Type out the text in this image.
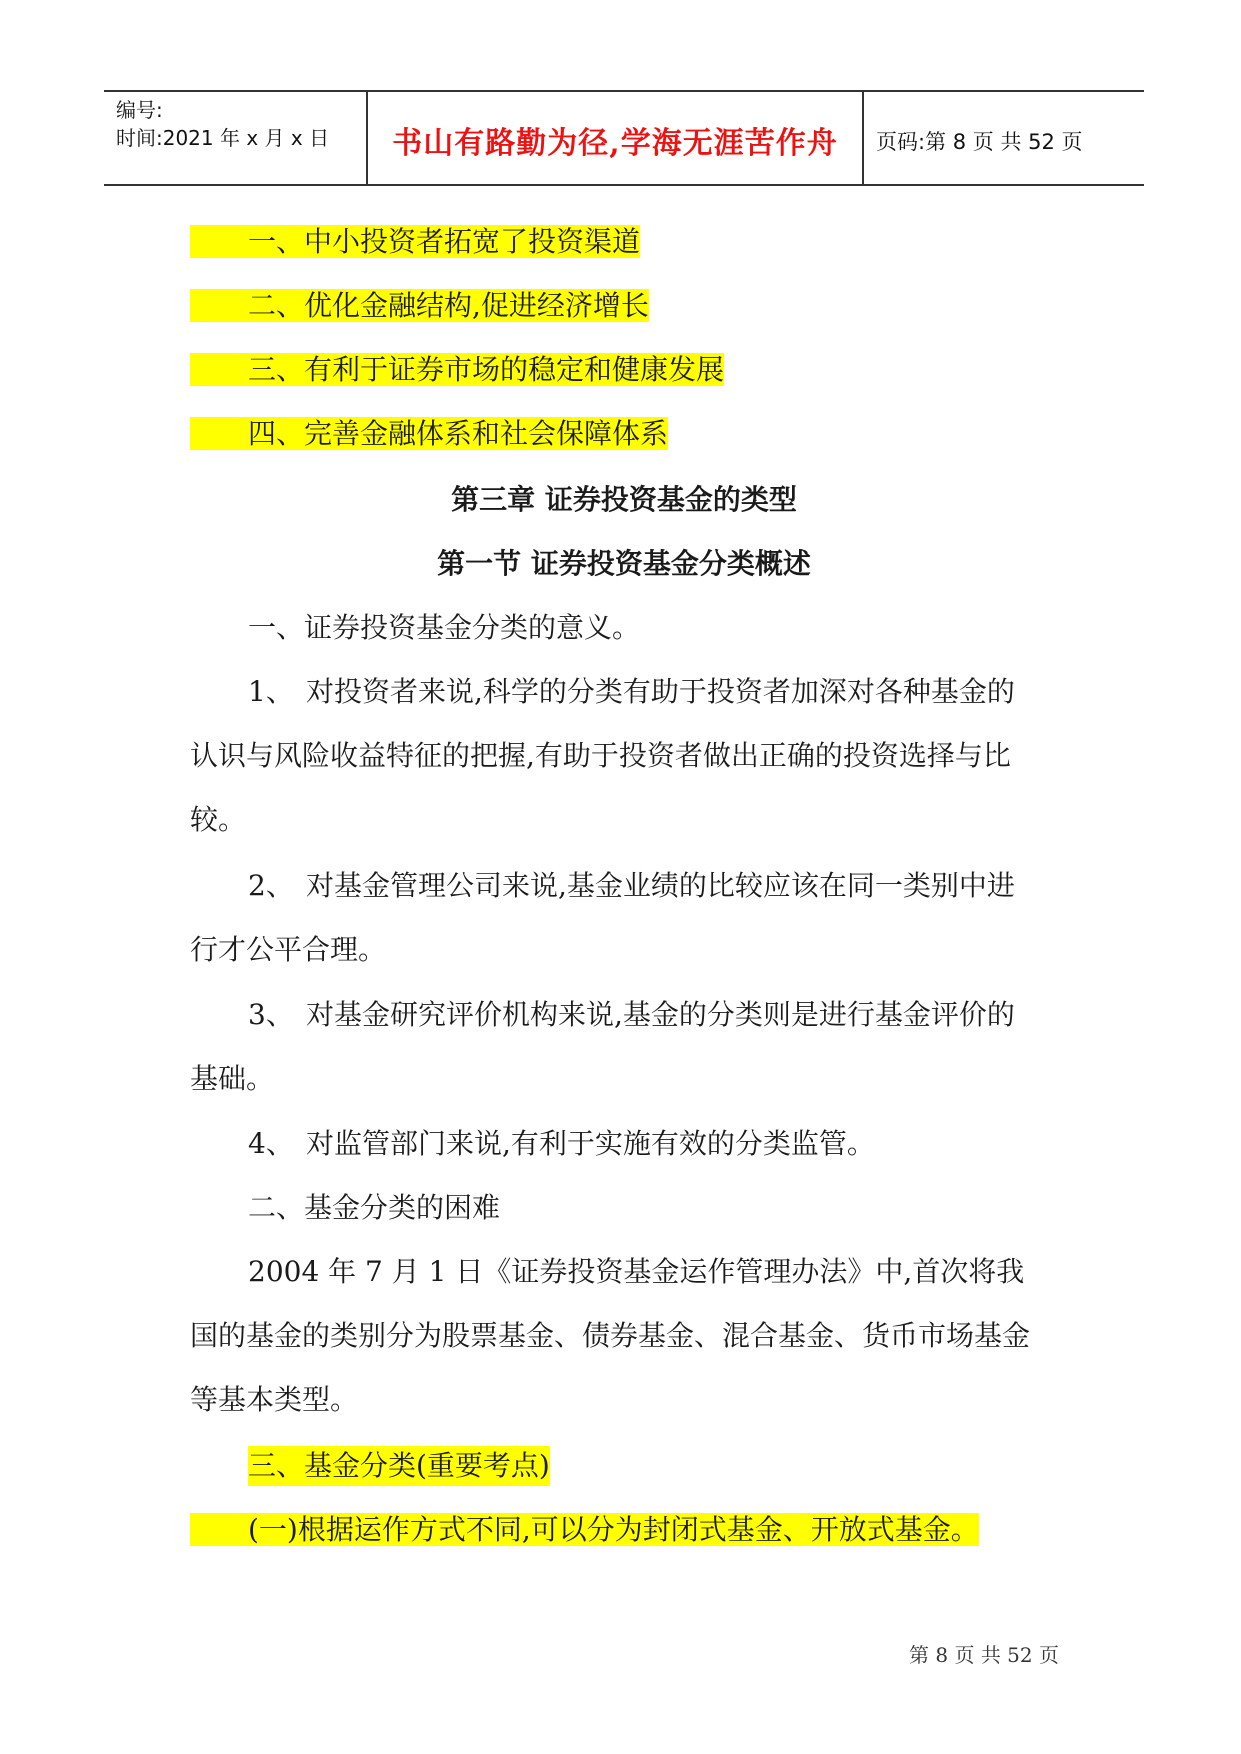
编号:
时间:2021 年 x 月 x 日	书山有路勤为径,学海无涯苦作舟	页码:第 8 页 共 52 页
一、中小投资者拓宽了投资渠道
二、优化金融结构,促进经济增长
三、有利于证券市场的稳定和健康发展
四、完善金融体系和社会保障体系
第三章 证券投资基金的类型
第一节 证券投资基金分类概述
一、证券投资基金分类的意义。
1、 对投资者来说,科学的分类有助于投资者加深对各种基金的
认识与风险收益特征的把握,有助于投资者做出正确的投资选择与比
较。
2、 对基金管理公司来说,基金业绩的比较应该在同一类别中进
行才公平合理。
3、 对基金研究评价机构来说,基金的分类则是进行基金评价的
基础。
4、 对监管部门来说,有利于实施有效的分类监管。
二、基金分类的困难
2004 年 7 月 1 日《证券投资基金运作管理办法》中,首次将我
国的基金的类别分为股票基金、债券基金、混合基金、货币市场基金
等基本类型。
三、基金分类(重要考点)
(一)根据运作方式不同,可以分为封闭式基金、开放式基金。
第 8 页 共 52 页
